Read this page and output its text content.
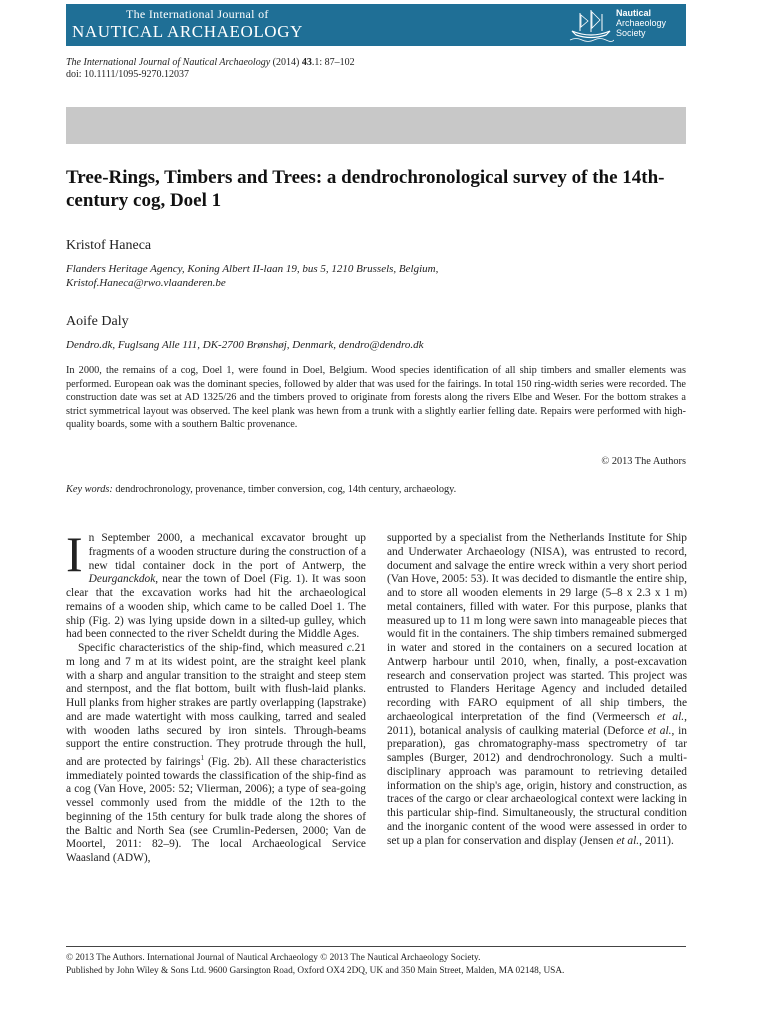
The International Journal of
NAUTICAL ARCHAEOLOGY
Nautical
Archaeology
Society
The International Journal of Nautical Archaeology (2014) 43.1: 87–102
doi: 10.1111/1095-9270.12037
Tree-Rings, Timbers and Trees: a dendrochronological survey of the 14th-century cog, Doel 1
Kristof Haneca
Flanders Heritage Agency, Koning Albert II-laan 19, bus 5, 1210 Brussels, Belgium,
Kristof.Haneca@rwo.vlaanderen.be
Aoife Daly
Dendro.dk, Fuglsang Alle 111, DK-2700 Brønshøj, Denmark, dendro@dendro.dk
In 2000, the remains of a cog, Doel 1, were found in Doel, Belgium. Wood species identification of all ship timbers and smaller elements was performed. European oak was the dominant species, followed by alder that was used for the fairings. In total 150 ring-width series were recorded. The construction date was set at AD 1325/26 and the timbers proved to originate from forests along the rivers Elbe and Weser. For the bottom strakes a strict symmetrical layout was observed. The keel plank was hewn from a trunk with a slightly earlier felling date. Repairs were performed with high-quality boards, some with a southern Baltic provenance.
© 2013 The Authors
Key words: dendrochronology, provenance, timber conversion, cog, 14th century, archaeology.

In September 2000, a mechanical excavator brought up fragments of a wooden structure during the construction of a new tidal container dock in the port of Antwerp, the Deurganckdok, near the town of Doel (Fig. 1). It was soon clear that the excavation works had hit the archaeological remains of a wooden ship, which came to be called Doel 1. The ship (Fig. 2) was lying upside down in a silted-up gulley, which had been connected to the river Scheldt during the Middle Ages.

Specific characteristics of the ship-find, which measured c.21 m long and 7 m at its widest point, are the straight keel plank with a sharp and angular transition to the straight and steep stem and sternpost, and the flat bottom, built with flush-laid planks. Hull planks from higher strakes are partly overlapping (lapstrake) and are made watertight with moss caulking, tarred and sealed with wooden laths secured by iron sintels. Through-beams support the entire construction. They protrude through the hull, and are protected by fairings$^1$ (Fig. 2b). All these characteristics immediately pointed towards the classification of the ship-find as a cog (Van Hove, 2005: 52; Vlierman, 2006); a type of sea-going vessel commonly used from the middle of the 12th to the beginning of the 15th century for bulk trade along the shores of the Baltic and North Sea (see Crumlin-Pedersen, 2000; Van de Moortel, 2011: 82–9). The local Archaeological Service Waasland (ADW),

supported by a specialist from the Netherlands Institute for Ship and Underwater Archaeology (NISA), was entrusted to record, document and salvage the entire wreck within a very short period (Van Hove, 2005: 53). It was decided to dismantle the entire ship, and to store all wooden elements in 29 large (5–8 x 2.3 x 1 m) metal containers, filled with water. For this purpose, planks that measured up to 11 m long were sawn into manageable pieces that would fit in the containers. The ship timbers remained submerged in water and stored in the containers on a secured location at Antwerp harbour until 2010, when, finally, a post-excavation research and conservation project was started. This project was entrusted to Flanders Heritage Agency and included detailed recording with FARO equipment of all ship timbers, the archaeological interpretation of the find (Vermeersch et al., 2011), botanical analysis of caulking material (Deforce et al., in preparation), gas chromatography-mass spectrometry of tar samples (Burger, 2012) and dendrochronology. Such a multi-disciplinary approach was paramount to retrieving detailed information on the ship's age, origin, history and construction, as traces of the cargo or clear archaeological context were lacking in this particular ship-find. Simultaneously, the structural condition and the inorganic content of the wood were assessed in order to set up a plan for conservation and display (Jensen et al., 2011).

© 2013 The Authors. International Journal of Nautical Archaeology © 2013 The Nautical Archaeology Society.
Published by John Wiley & Sons Ltd. 9600 Garsington Road, Oxford OX4 2DQ, UK and 350 Main Street, Malden, MA 02148, USA.
